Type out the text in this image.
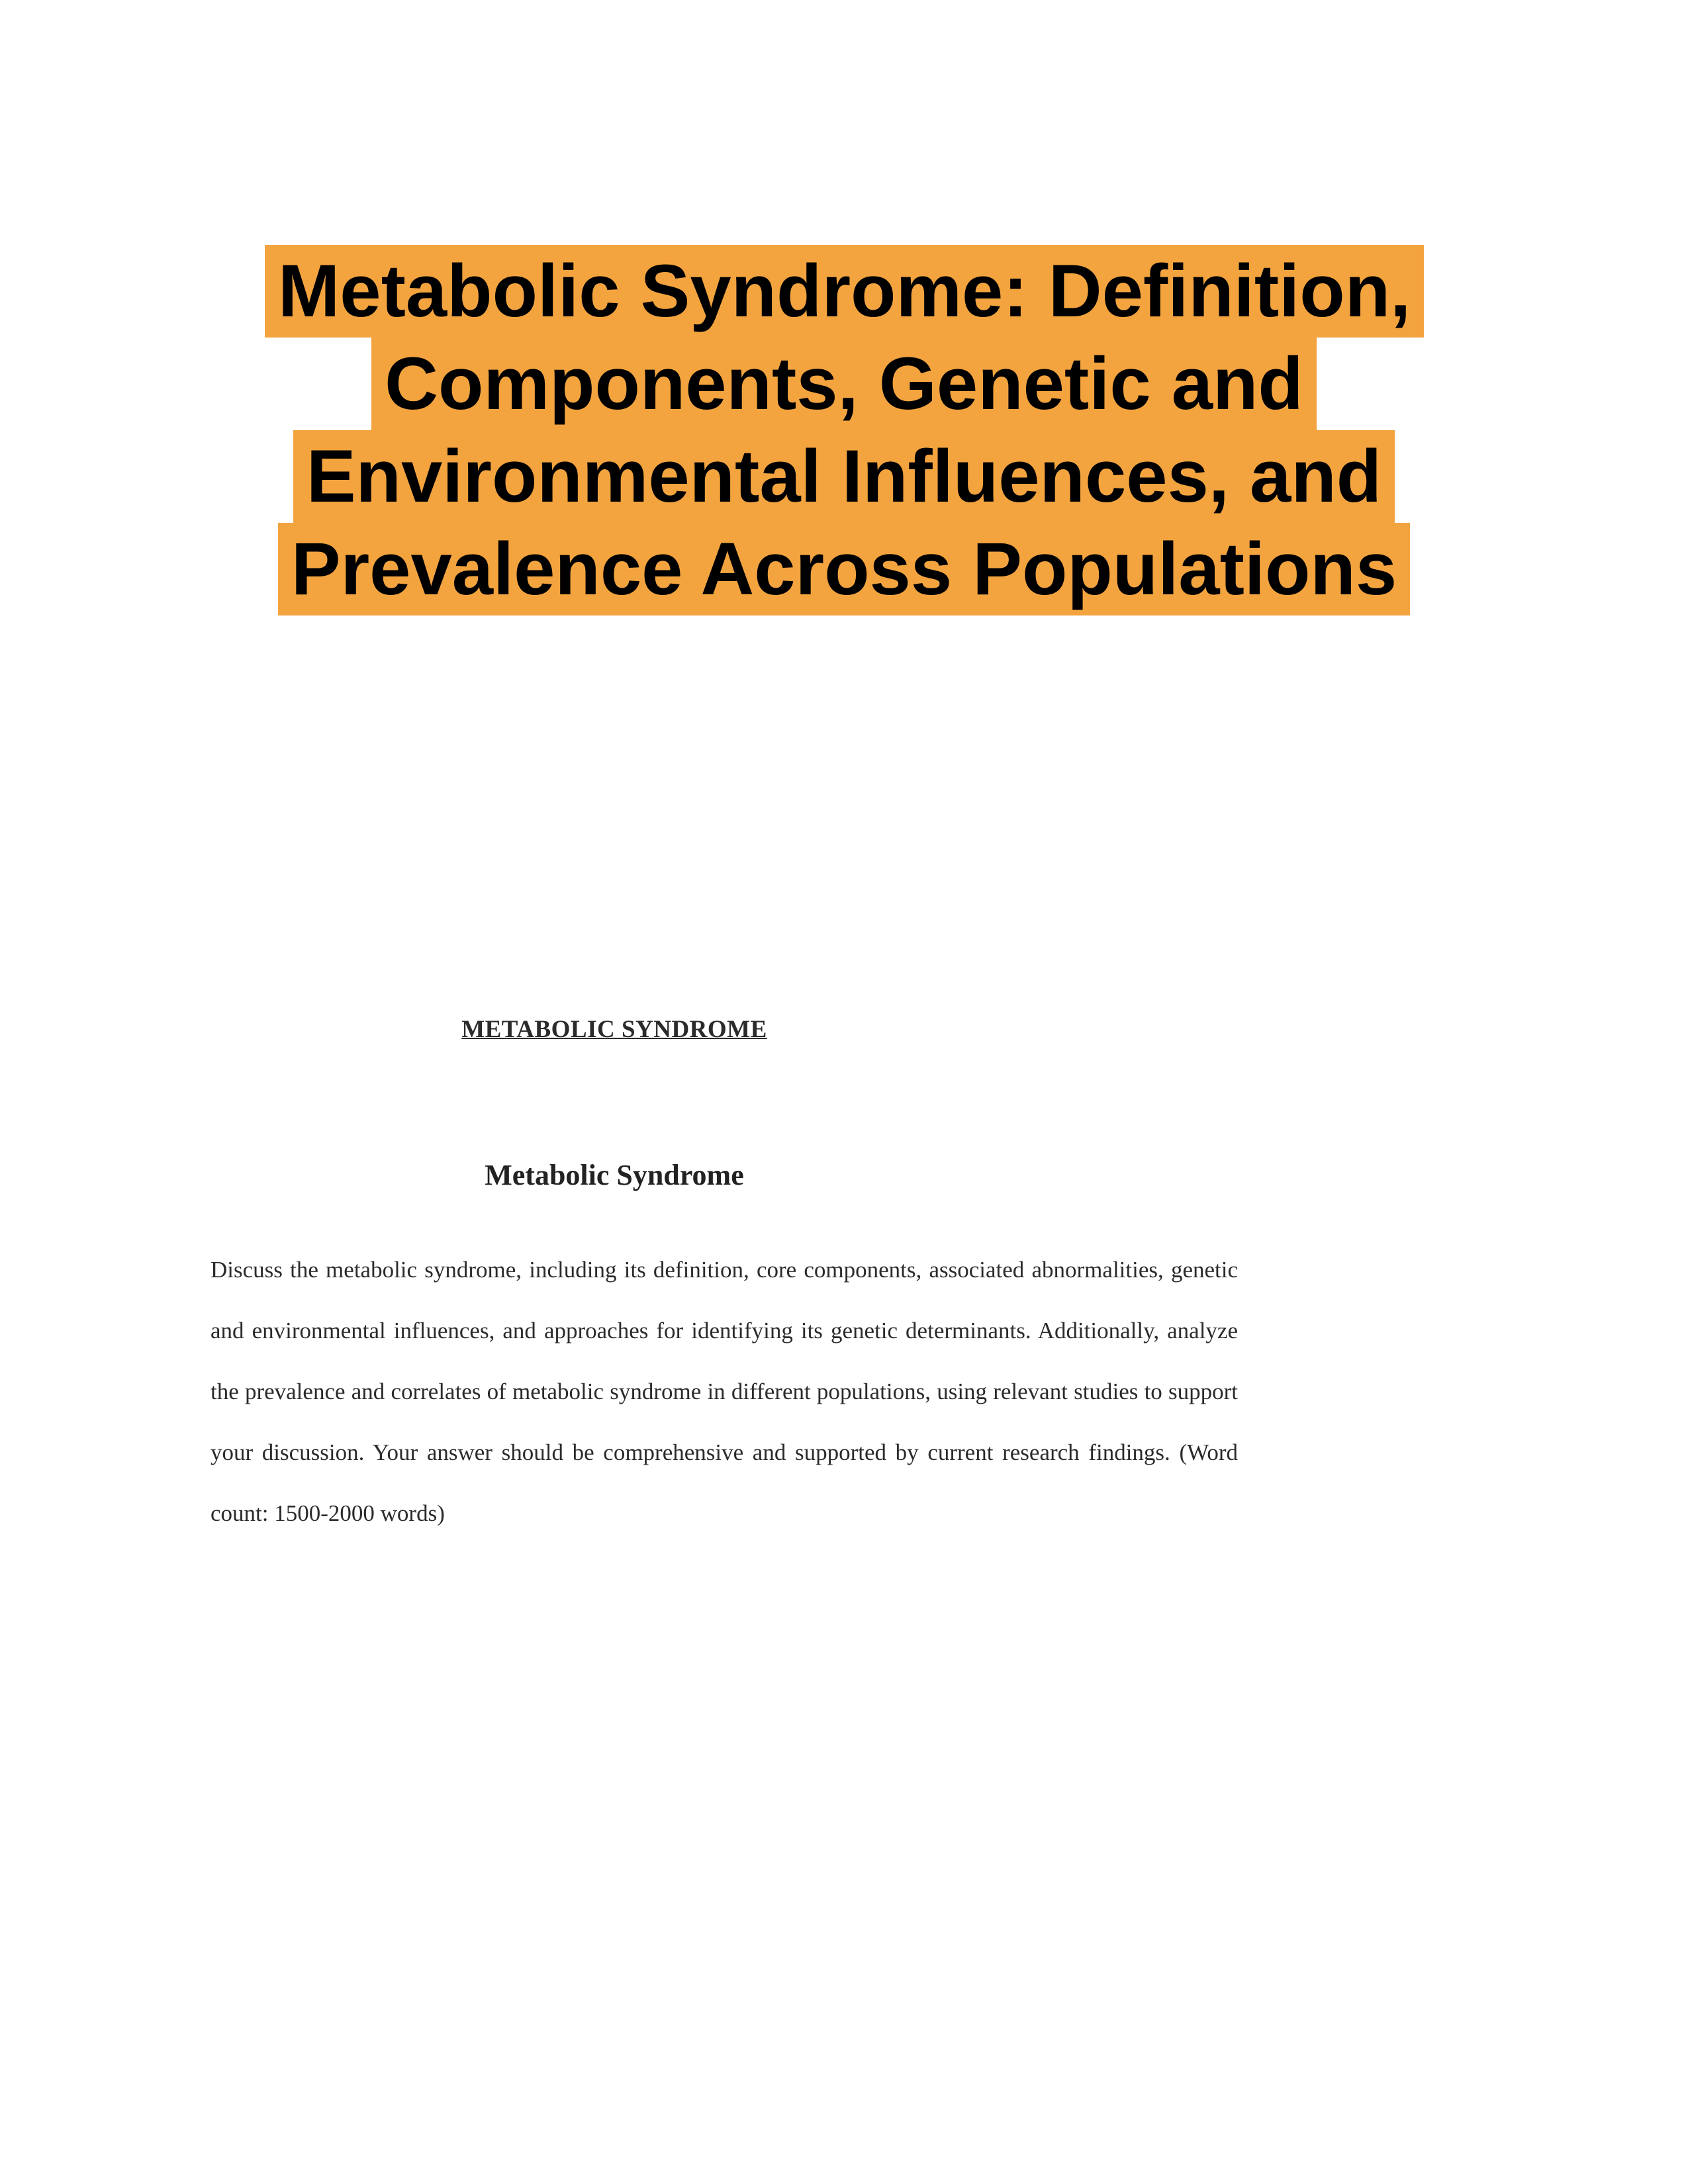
Metabolic Syndrome: Definition,
Components, Genetic and
Environmental Influences, and
Prevalence Across Populations
METABOLIC SYNDROME
Metabolic Syndrome
Discuss the metabolic syndrome, including its definition, core components, associated abnormalities, genetic and environmental influences, and approaches for identifying its genetic determinants. Additionally, analyze the prevalence and correlates of metabolic syndrome in different populations, using relevant studies to support your discussion. Your answer should be comprehensive and supported by current research findings. (Word count: 1500-2000 words)
